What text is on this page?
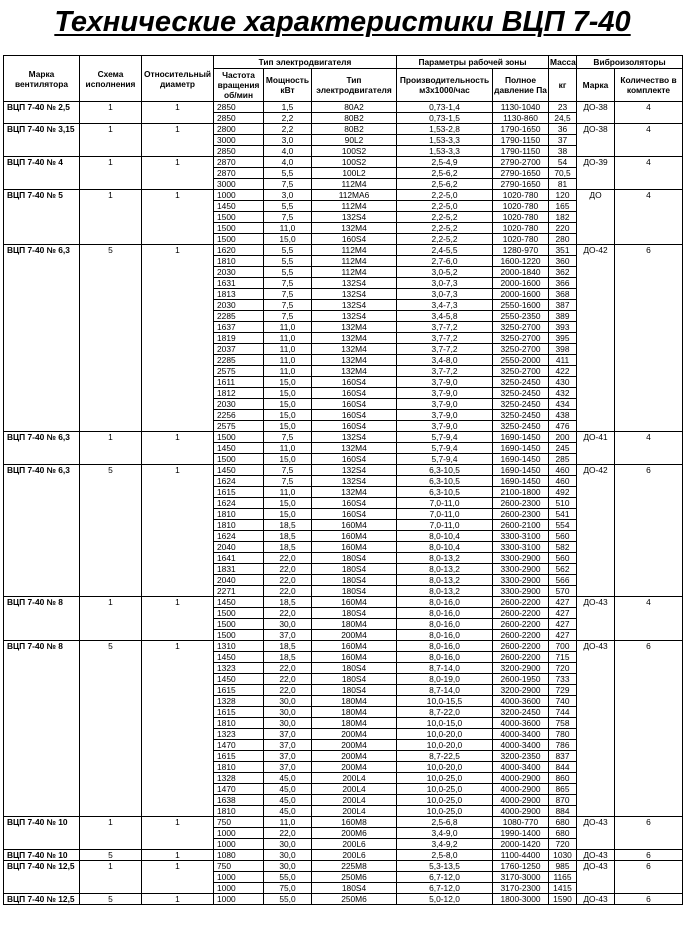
Технические характеристики ВЦП 7-40
Марка вентилятора	Схема исполнения	Относительный диаметр	Тип электродвигателя			Параметры рабочей зоны		Масса	Виброизоляторы	
			Частота вращения об/мин	Мощность кВт	Тип электродвигателя	Производительность м3х1000/час	Полное давление Па	кг	Марка	Количество в комплекте
ВЦП 7-40 № 2,5	1	1	2850	1,5	80А2	0,73-1,4	1130-1040	23	ДО-38	4
			2850	2,2	80В2	0,73-1,5	1130-860	24,5		
ВЦП 7-40 № 3,15	1	1	2800	2,2	80В2	1,53-2,8	1790-1650	36	ДО-38	4
			3000	3,0	90L2	1,53-3,3	1790-1150	37		
			2850	4,0	100S2	1,53-3,3	1790-1150	38		
ВЦП 7-40 № 4	1	1	2870	4,0	100S2	2,5-4,9	2790-2700	54	ДО-39	4
			2870	5,5	100L2	2,5-6,2	2790-1650	70,5		
			3000	7,5	112М4	2,5-6,2	2790-1650	81		
ВЦП 7-40 № 5	1	1	1000	3,0	112МА6	2,2-5,0	1020-780	120	ДО	4
			1450	5,5	112М4	2,2-5,0	1020-780	165		
			1500	7,5	132S4	2,2-5,2	1020-780	182		
			1500	11,0	132М4	2,2-5,2	1020-780	220		
			1500	15,0	160S4	2,2-5,2	1020-780	280		
ВЦП 7-40 № 6,3	5	1	1620	5,5	112М4	2,4-5,5	1280-970	351	ДО-42	6
			1810	5,5	112М4	2,7-6,0	1600-1220	360		
			2030	5,5	112М4	3,0-5,2	2000-1840	362		
			1631	7,5	132S4	3,0-7,3	2000-1600	366		
			1813	7,5	132S4	3,0-7,3	2000-1600	368		
			2030	7,5	132S4	3,4-7,3	2550-1600	387		
			2285	7,5	132S4	3,4-5,8	2550-2350	389		
			1637	11,0	132М4	3,7-7,2	3250-2700	393		
			1819	11,0	132М4	3,7-7,2	3250-2700	395		
			2037	11,0	132М4	3,7-7,2	3250-2700	398		
			2285	11,0	132М4	3,4-8,0	2550-2000	411		
			2575	11,0	132М4	3,7-7,2	3250-2700	422		
			1611	15,0	160S4	3,7-9,0	3250-2450	430		
			1812	15,0	160S4	3,7-9,0	3250-2450	432		
			2030	15,0	160S4	3,7-9,0	3250-2450	434		
			2256	15,0	160S4	3,7-9,0	3250-2450	438		
			2575	15,0	160S4	3,7-9,0	3250-2450	476		
ВЦП 7-40 № 6,3	1	1	1500	7,5	132S4	5,7-9,4	1690-1450	200	ДО-41	4
			1450	11,0	132М4	5,7-9,4	1690-1450	245		
			1500	15,0	160S4	5,7-9,4	1690-1450	285		
ВЦП 7-40 № 6,3	5	1	1450	7,5	132S4	6,3-10,5	1690-1450	460	ДО-42	6
			1624	7,5	132S4	6,3-10,5	1690-1450	460		
			1615	11,0	132М4	6,3-10,5	2100-1800	492		
			1624	15,0	160S4	7,0-11,0	2600-2300	510		
			1810	15,0	160S4	7,0-11,0	2600-2300	541		
			1810	18,5	160М4	7,0-11,0	2600-2100	554		
			1624	18,5	160М4	8,0-10,4	3300-3100	560		
			2040	18,5	160М4	8,0-10,4	3300-3100	582		
			1641	22,0	180S4	8,0-13,2	3300-2900	560		
			1831	22,0	180S4	8,0-13,2	3300-2900	562		
			2040	22,0	180S4	8,0-13,2	3300-2900	566		
			2271	22,0	180S4	8,0-13,2	3300-2900	570		
ВЦП 7-40 № 8	1	1	1450	18,5	160М4	8,0-16,0	2600-2200	427	ДО-43	4
			1500	22,0	180S4	8,0-16,0	2600-2200	427		
			1500	30,0	180М4	8,0-16,0	2600-2200	427		
			1500	37,0	200М4	8,0-16,0	2600-2200	427		
ВЦП 7-40 № 8	5	1	1310	18,5	160М4	8,0-16,0	2600-2200	700	ДО-43	6
			1450	18,5	160М4	8,0-16,0	2600-2200	715		
			1323	22,0	180S4	8,7-14,0	3200-2900	720		
			1450	22,0	180S4	8,0-19,0	2600-1950	733		
			1615	22,0	180S4	8,7-14,0	3200-2900	729		
			1328	30,0	180М4	10,0-15,5	4000-3600	740		
			1615	30,0	180М4	8,7-22,0	3200-2450	744		
			1810	30,0	180М4	10,0-15,0	4000-3600	758		
			1323	37,0	200М4	10,0-20,0	4000-3400	780		
			1470	37,0	200М4	10,0-20,0	4000-3400	786		
			1615	37,0	200М4	8,7-22,5	3200-2350	837		
			1810	37,0	200М4	10,0-20,0	4000-3400	844		
			1328	45,0	200L4	10,0-25,0	4000-2900	860		
			1470	45,0	200L4	10,0-25,0	4000-2900	865		
			1638	45,0	200L4	10,0-25,0	4000-2900	870		
			1810	45,0	200L4	10,0-25,0	4000-2900	884		
ВЦП 7-40 № 10	1	1	750	11,0	160М8	2,5-6,8	1080-770	680	ДО-43	6
			1000	22,0	200М6	3,4-9,0	1990-1400	680		
			1000	30,0	200L6	3,4-9,2	2000-1420	720		
ВЦП 7-40 № 10	5	1	1080	30,0	200L6	2,5-8,0	1100-4400	1030	ДО-43	6
ВЦП 7-40 № 12,5	1	1	750	30,0	225М8	5,3-13,5	1760-1250	985	ДО-43	6
			1000	55,0	250М6	6,7-12,0	3170-3000	1165		
			1000	75,0	180S4	6,7-12,0	3170-2300	1415		
ВЦП 7-40 № 12,5	5	1	1000	55,0	250М6	5,0-12,0	1800-3000	1590	ДО-43	6
